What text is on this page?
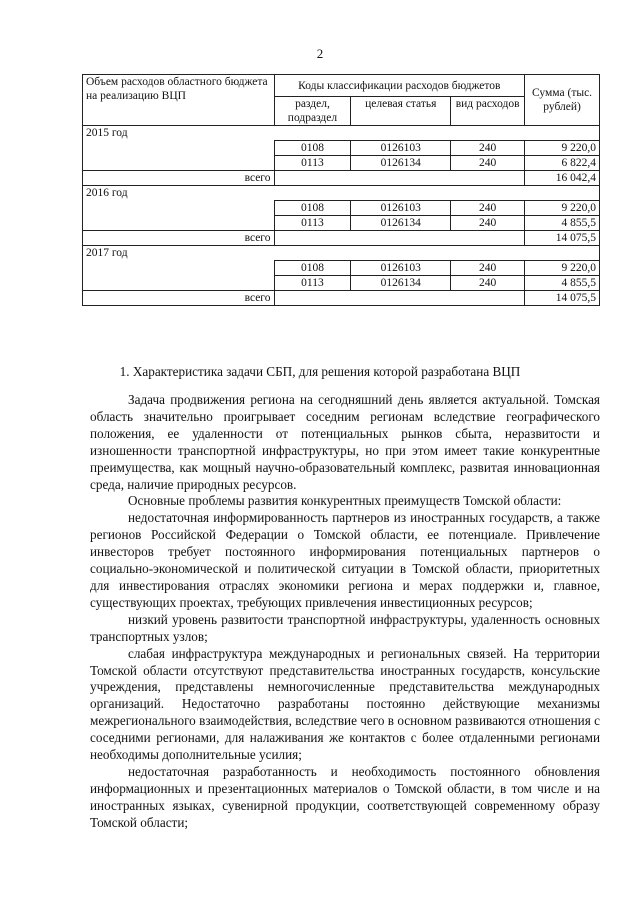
2
Объем расходов областного бюджета на реализацию ВЦП	Коды классификации расходов бюджетов			Сумма (тыс. рублей)
	раздел, подраздел	целевая статья	вид расходов	
2015 год				
	0108	0126103	240	9 220,0
	0113	0126134	240	6 822,4
всего				16 042,4
2016 год				
	0108	0126103	240	9 220,0
	0113	0126134	240	4 855,5
всего				14 075,5
2017 год				
	0108	0126103	240	9 220,0
	0113	0126134	240	4 855,5
всего				14 075,5
1. Характеристика задачи СБП, для решения которой разработана ВЦП

Задача продвижения региона на сегодняшний день является актуальной. Томская область значительно проигрывает соседним регионам вследствие географического положения, ее удаленности от потенциальных рынков сбыта, неразвитости и изношенности транспортной инфраструктуры, но при этом имеет такие конкурентные преимущества, как мощный научно-образовательный комплекс, развитая инновационная среда, наличие природных ресурсов.

Основные проблемы развития конкурентных преимуществ Томской области:

недостаточная информированность партнеров из иностранных государств, а также регионов Российской Федерации о Томской области, ее потенциале. Привлечение инвесторов требует постоянного информирования потенциальных партнеров о социально-экономической и политической ситуации в Томской области, приоритетных для инвестирования отраслях экономики региона и мерах поддержки и, главное, существующих проектах, требующих привлечения инвестиционных ресурсов;

низкий уровень развитости транспортной инфраструктуры, удаленность основных транспортных узлов;

слабая инфраструктура международных и региональных связей. На территории Томской области отсутствуют представительства иностранных государств, консульские учреждения, представлены немногочисленные представительства международных организаций. Недостаточно разработаны постоянно действующие механизмы межрегионального взаимодействия, вследствие чего в основном развиваются отношения с соседними регионами, для налаживания же контактов с более отдаленными регионами необходимы дополнительные усилия;

недостаточная разработанность и необходимость постоянного обновления информационных и презентационных материалов о Томской области, в том числе и на иностранных языках, сувенирной продукции, соответствующей современному образу Томской области;
